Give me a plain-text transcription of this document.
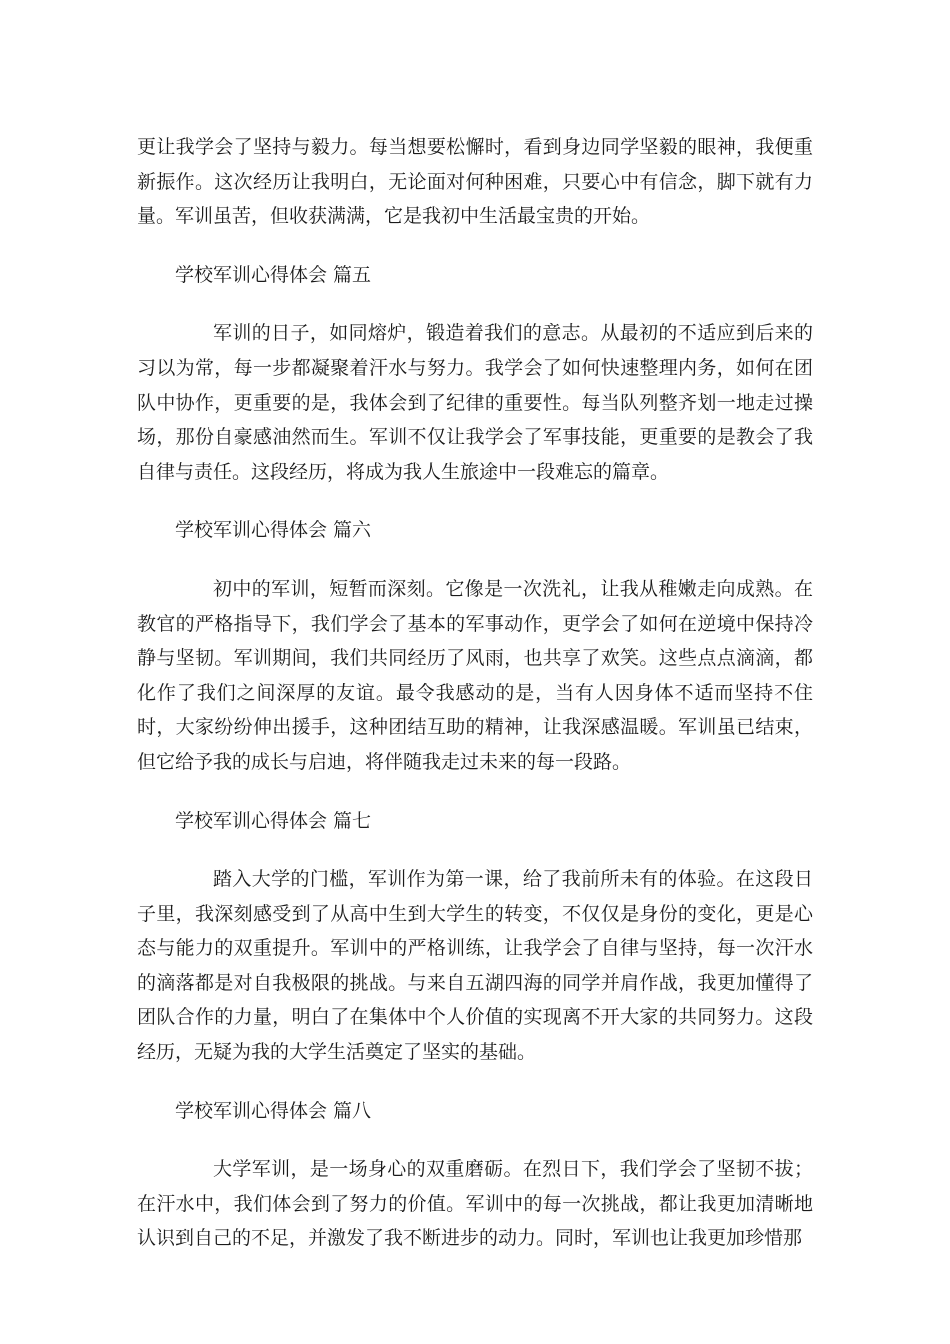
更让我学会了坚持与毅力。每当想要松懈时，看到身边同学坚毅的眼神，我便重新振作。这次经历让我明白，无论面对何种困难，只要心中有信念，脚下就有力量。军训虽苦，但收获满满，它是我初中生活最宝贵的开始。

学校军训心得体会 篇五

军训的日子，如同熔炉，锻造着我们的意志。从最初的不适应到后来的习以为常，每一步都凝聚着汗水与努力。我学会了如何快速整理内务，如何在团队中协作，更重要的是，我体会到了纪律的重要性。每当队列整齐划一地走过操场，那份自豪感油然而生。军训不仅让我学会了军事技能，更重要的是教会了我自律与责任。这段经历，将成为我人生旅途中一段难忘的篇章。

学校军训心得体会 篇六

初中的军训，短暂而深刻。它像是一次洗礼，让我从稚嫩走向成熟。在教官的严格指导下，我们学会了基本的军事动作，更学会了如何在逆境中保持冷静与坚韧。军训期间，我们共同经历了风雨，也共享了欢笑。这些点点滴滴，都化作了我们之间深厚的友谊。最令我感动的是，当有人因身体不适而坚持不住时，大家纷纷伸出援手，这种团结互助的精神，让我深感温暖。军训虽已结束，但它给予我的成长与启迪，将伴随我走过未来的每一段路。

学校军训心得体会 篇七

踏入大学的门槛，军训作为第一课，给了我前所未有的体验。在这段日子里，我深刻感受到了从高中生到大学生的转变，不仅仅是身份的变化，更是心态与能力的双重提升。军训中的严格训练，让我学会了自律与坚持，每一次汗水的滴落都是对自我极限的挑战。与来自五湖四海的同学并肩作战，我更加懂得了团队合作的力量，明白了在集体中个人价值的实现离不开大家的共同努力。这段经历，无疑为我的大学生活奠定了坚实的基础。

学校军训心得体会 篇八

大学军训，是一场身心的双重磨砺。在烈日下，我们学会了坚韧不拔；在汗水中，我们体会到了努力的价值。军训中的每一次挑战，都让我更加清晰地认识到自己的不足，并激发了我不断进步的动力。同时，军训也让我更加珍惜那
